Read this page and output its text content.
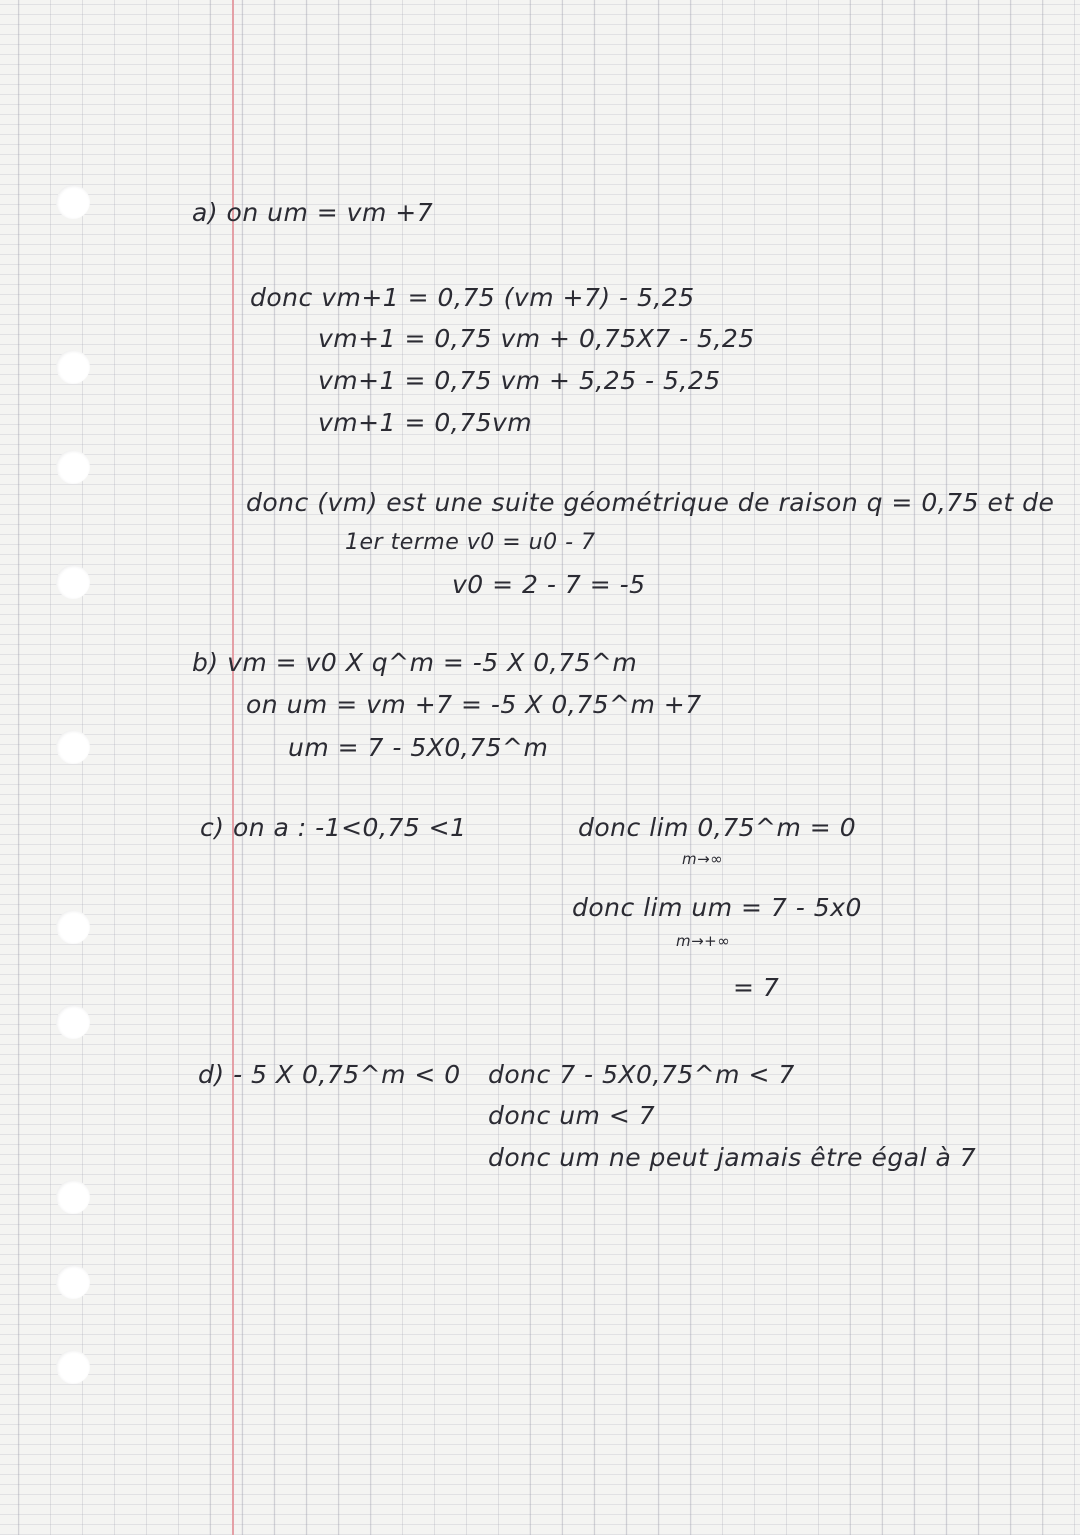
a) on um = vm +7
donc vm+1 = 0,75 (vm +7) - 5,25
vm+1 = 0,75 vm + 0,75X7 - 5,25
vm+1 = 0,75 vm + 5,25 - 5,25
vm+1 = 0,75vm
donc (vm) est une suite géométrique de raison q = 0,75 et de
1er terme v0 = u0 - 7
v0 = 2 - 7 = -5
b) vm = v0 X q^m = -5 X 0,75^m
on um = vm +7 = -5 X 0,75^m +7
um = 7 - 5X0,75^m
c) on a : -1<0,75 <1	donc lim 0,75^m = 0
m→∞
donc lim um = 7 - 5x0
m→+∞
= 7
d) - 5 X 0,75^m < 0 donc 7 - 5X0,75^m < 7
donc um < 7
donc um ne peut jamais être égal à 7
